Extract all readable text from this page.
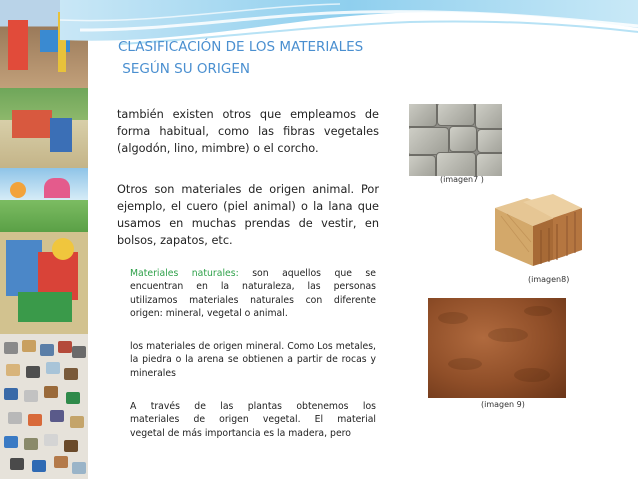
CLASIFICACIÓN DE LOS MATERIALES
SEGÚN SU ORIGEN
también existen otros que empleamos de forma habitual, como las fibras vegetales (algodón, lino, mimbre) o el corcho.
Otros son materiales de origen animal. Por ejemplo, el cuero (piel animal) o la lana que usamos en muchas prendas de vestir, en bolsos, zapatos, etc.
Materiales naturales: son aquellos que se encuentran en la naturaleza, las personas utilizamos materiales naturales con diferente origen: mineral, vegetal o animal.
los materiales de origen mineral. Como Los metales, la piedra o la arena se obtienen a partir de rocas y minerales
A través de las plantas obtenemos los
materiales de origen vegetal. El material
vegetal de más importancia es la madera, pero
(imagen7 )
(imagen8)
(imagen 9)
